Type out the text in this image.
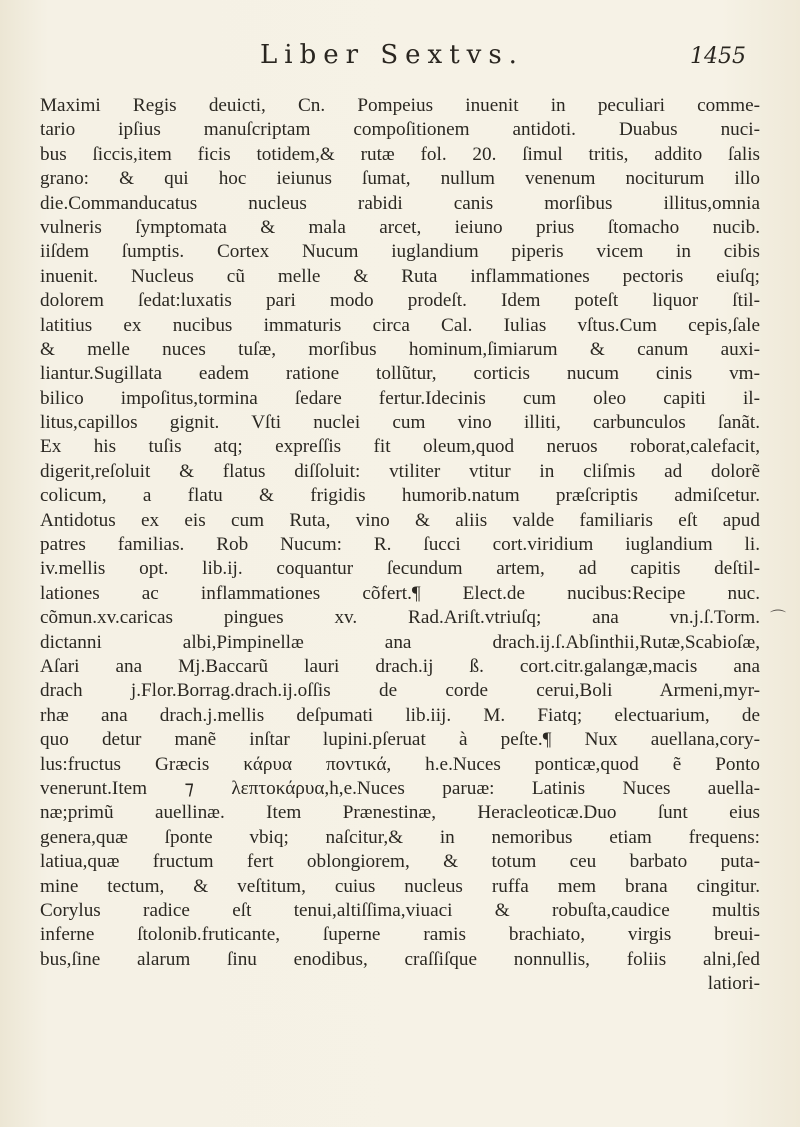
Liber Sextvs.	1455
Maximi Regis deuicti, Cn. Pompeius inuenit in peculiari comme-
tario ipſius manuſcriptam compoſitionem antidoti. Duabus nuci-
bus ſiccis,item ficis totidem,& rutæ fol. 20. ſimul tritis, addito ſalis
grano: & qui hoc ieiunus ſumat, nullum venenum nociturum illo
die.Commanducatus nucleus rabidi canis morſibus illitus,omnia
vulneris ſymptomata & mala arcet, ieiuno prius ſtomacho nucib.
iiſdem ſumptis. Cortex Nucum iuglandium piperis vicem in cibis
inuenit. Nucleus cũ melle & Ruta inflammationes pectoris eiuſq;
dolorem ſedat:luxatis pari modo prodeſt. Idem poteſt liquor ſtil-
latitius ex nucibus immaturis circa Cal. Iulias vſtus.Cum cepis,ſale
& melle nuces tuſæ, morſibus hominum,ſimiarum & canum auxi-
liantur.Sugillata eadem ratione tollũtur, corticis nucum cinis vm-
bilico impoſitus,tormina ſedare fertur.Idecinis cum oleo capiti il-
litus,capillos gignit. Vſti nuclei cum vino illiti, carbunculos ſanãt.
Ex his tuſis atq; expreſſis fit oleum,quod neruos roborat,calefacit,
digerit,reſoluit & flatus diſſoluit: vtiliter vtitur in cliſmis ad dolorẽ
colicum, a flatu & frigidis humorib.natum præſcriptis admiſcetur.
Antidotus ex eis cum Ruta, vino & aliis valde familiaris eſt apud
patres familias. Rob Nucum: R. ſucci cort.viridium iuglandium li.
iv.mellis opt. lib.ij. coquantur ſecundum artem, ad capitis deſtil-
lationes ac inflammationes cõfert.¶ Elect.de nucibus:Recipe nuc.
cõmun.xv.caricas pingues xv. Rad.Ariſt.vtriuſq; ana vn.j.ſ.Torm.
dictanni albi,Pimpinellæ ana drach.ij.ſ.Abſinthii,Rutæ,Scabioſæ,
Aſari ana Mj.Baccarũ lauri drach.ij ß. cort.citr.galangæ,macis ana
drach j.Flor.Borrag.drach.ij.oſſis de corde cerui,Boli Armeni,myr-
rhæ ana drach.j.mellis deſpumati lib.iij. M. Fiatq; electuarium, de
quo detur manẽ inſtar lupini.pſeruat à peſte.¶ Nux auellana,cory-
lus:fructus Græcis κάρυα ποντικά, h.e.Nuces ponticæ,quod ẽ Ponto
venerunt.Item ⁊ λεπτοκάρυα,h,e.Nuces paruæ: Latinis Nuces auella-
næ;primũ auellinæ. Item Prænestinæ, Heracleoticæ.Duo ſunt eius
genera,quæ ſponte vbiq; naſcitur,& in nemoribus etiam frequens:
latiua,quæ fructum fert oblongiorem, & totum ceu barbato puta-
mine tectum, & veſtitum, cuius nucleus ruffa mem brana cingitur.
Corylus radice eſt tenui,altiſſima,viuaci & robuſta,caudice multis
inferne ſtolonib.fruticante, ſuperne ramis brachiato, virgis breui-
bus,ſine alarum ſinu enodibus, craſſiſque nonnullis, foliis alni,ſed
latiori-
⌒
